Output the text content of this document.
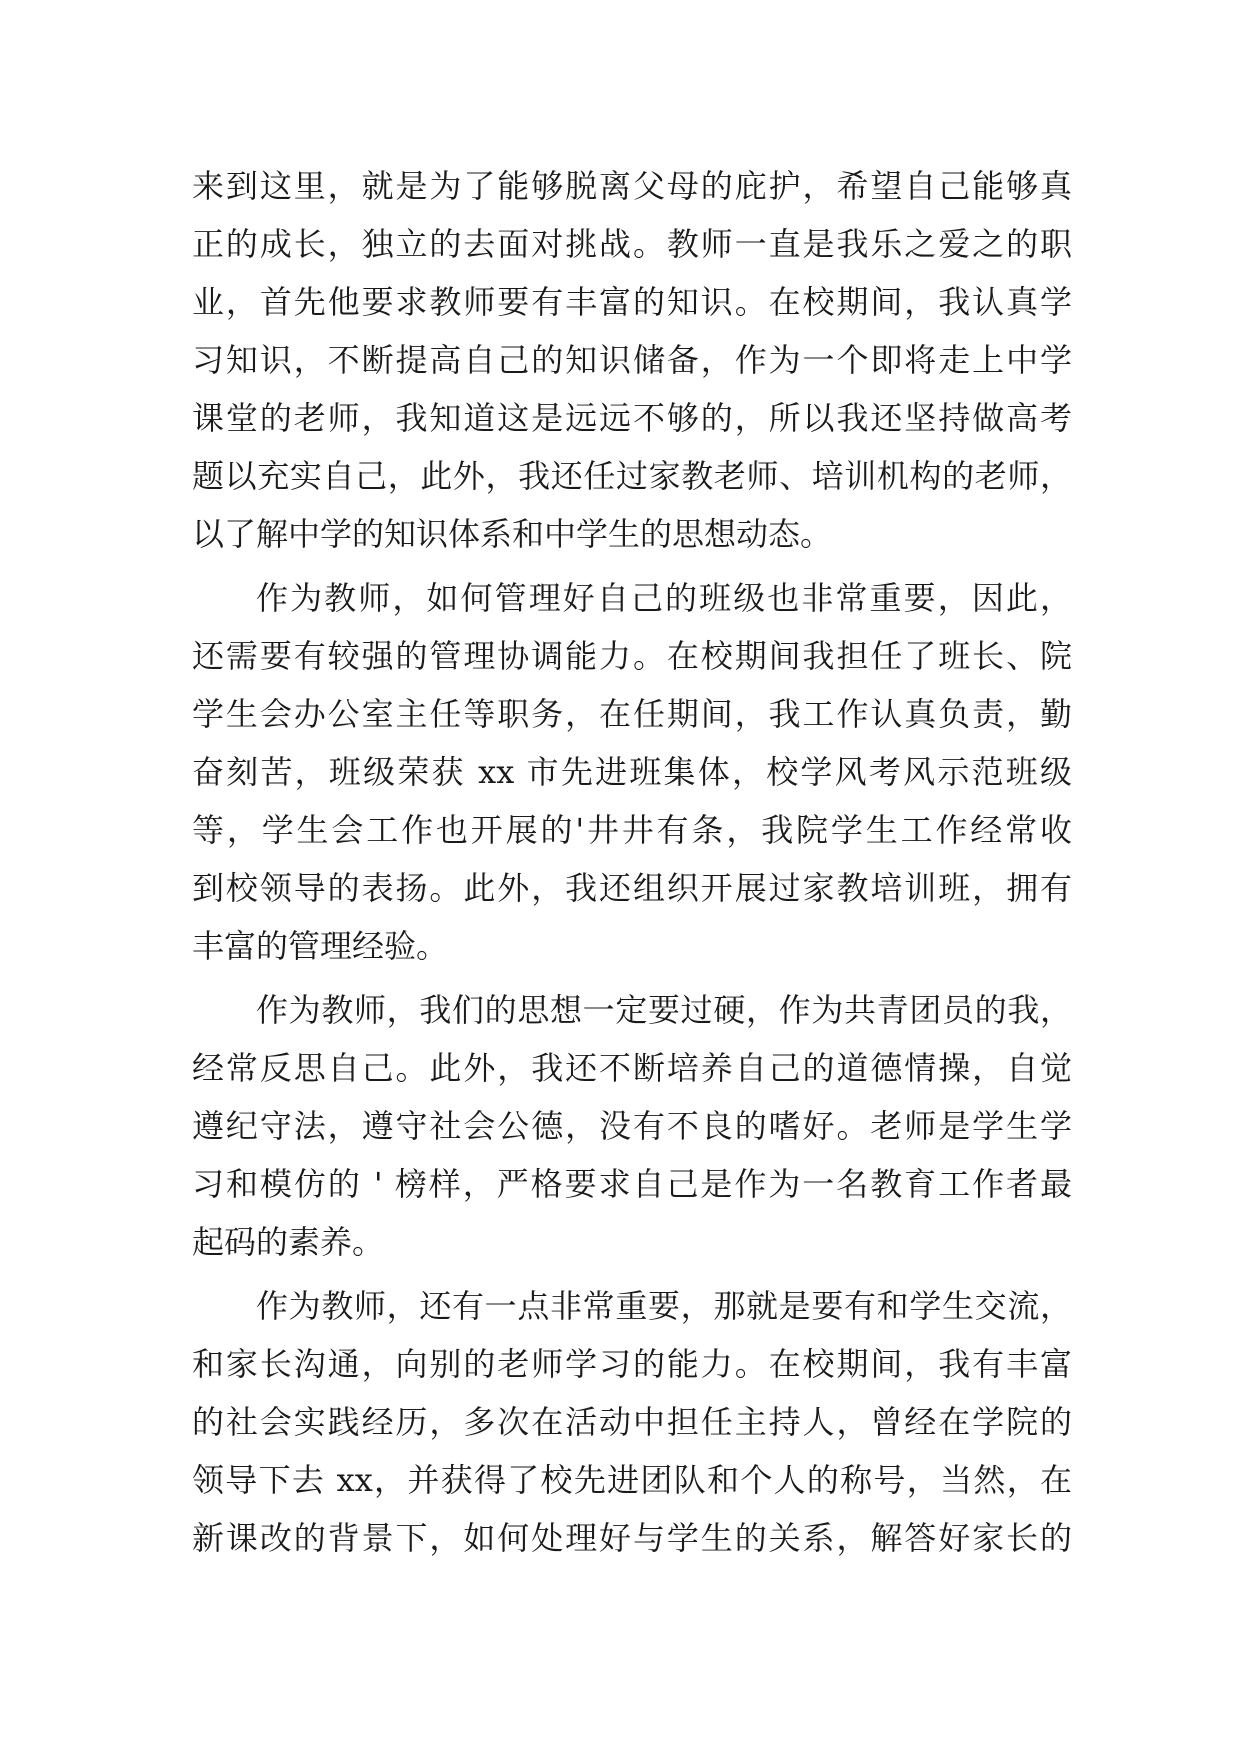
来到这里，就是为了能够脱离父母的庇护，希望自己能够真
正的成长，独立的去面对挑战。教师一直是我乐之爱之的职
业，首先他要求教师要有丰富的知识。在校期间，我认真学
习知识，不断提高自己的知识储备，作为一个即将走上中学
课堂的老师，我知道这是远远不够的，所以我还坚持做高考
题以充实自己，此外，我还任过家教老师、培训机构的老师，
以了解中学的知识体系和中学生的思想动态。
作为教师，如何管理好自己的班级也非常重要，因此，
还需要有较强的管理协调能力。在校期间我担任了班长、院
学生会办公室主任等职务，在任期间，我工作认真负责，勤
奋刻苦，班级荣获 xx 市先进班集体，校学风考风示范班级
等，学生会工作也开展的'井井有条，我院学生工作经常收
到校领导的表扬。此外，我还组织开展过家教培训班，拥有
丰富的管理经验。
作为教师，我们的思想一定要过硬，作为共青团员的我，
经常反思自己。此外，我还不断培养自己的道德情操，自觉
遵纪守法，遵守社会公德，没有不良的嗜好。老师是学生学
习和模仿的 ' 榜样，严格要求自己是作为一名教育工作者最
起码的素养。
作为教师，还有一点非常重要，那就是要有和学生交流，
和家长沟通，向别的老师学习的能力。在校期间，我有丰富
的社会实践经历，多次在活动中担任主持人，曾经在学院的
领导下去 xx，并获得了校先进团队和个人的称号，当然，在
新课改的背景下，如何处理好与学生的关系，解答好家长的
